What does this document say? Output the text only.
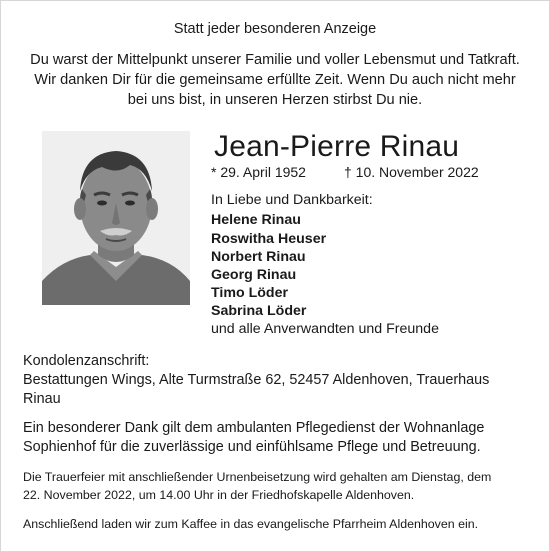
Statt jeder besonderen Anzeige
Du warst der Mittelpunkt unserer Familie und voller Lebensmut und Tatkraft.
Wir danken Dir für die gemeinsame erfüllte Zeit. Wenn Du auch nicht mehr
bei uns bist, in unseren Herzen stirbst Du nie.
Jean-Pierre Rinau
* 29. April 1952	† 10. November 2022
In Liebe und Dankbarkeit:
Helene Rinau
Roswitha Heuser
Norbert Rinau
Georg Rinau
Timo Löder
Sabrina Löder
und alle Anverwandten und Freunde
Kondolenzanschrift:
Bestattungen Wings, Alte Turmstraße 62, 52457 Aldenhoven, Trauerhaus
Rinau
Ein besonderer Dank gilt dem ambulanten Pflegedienst der Wohnanlage
Sophienhof für die zuverlässige und einfühlsame Pflege und Betreuung.
Die Trauerfeier mit anschließender Urnenbeisetzung wird gehalten am Dienstag, dem
22. November 2022, um 14.00 Uhr in der Friedhofskapelle Aldenhoven.
Anschließend laden wir zum Kaffee in das evangelische Pfarrheim Aldenhoven ein.
